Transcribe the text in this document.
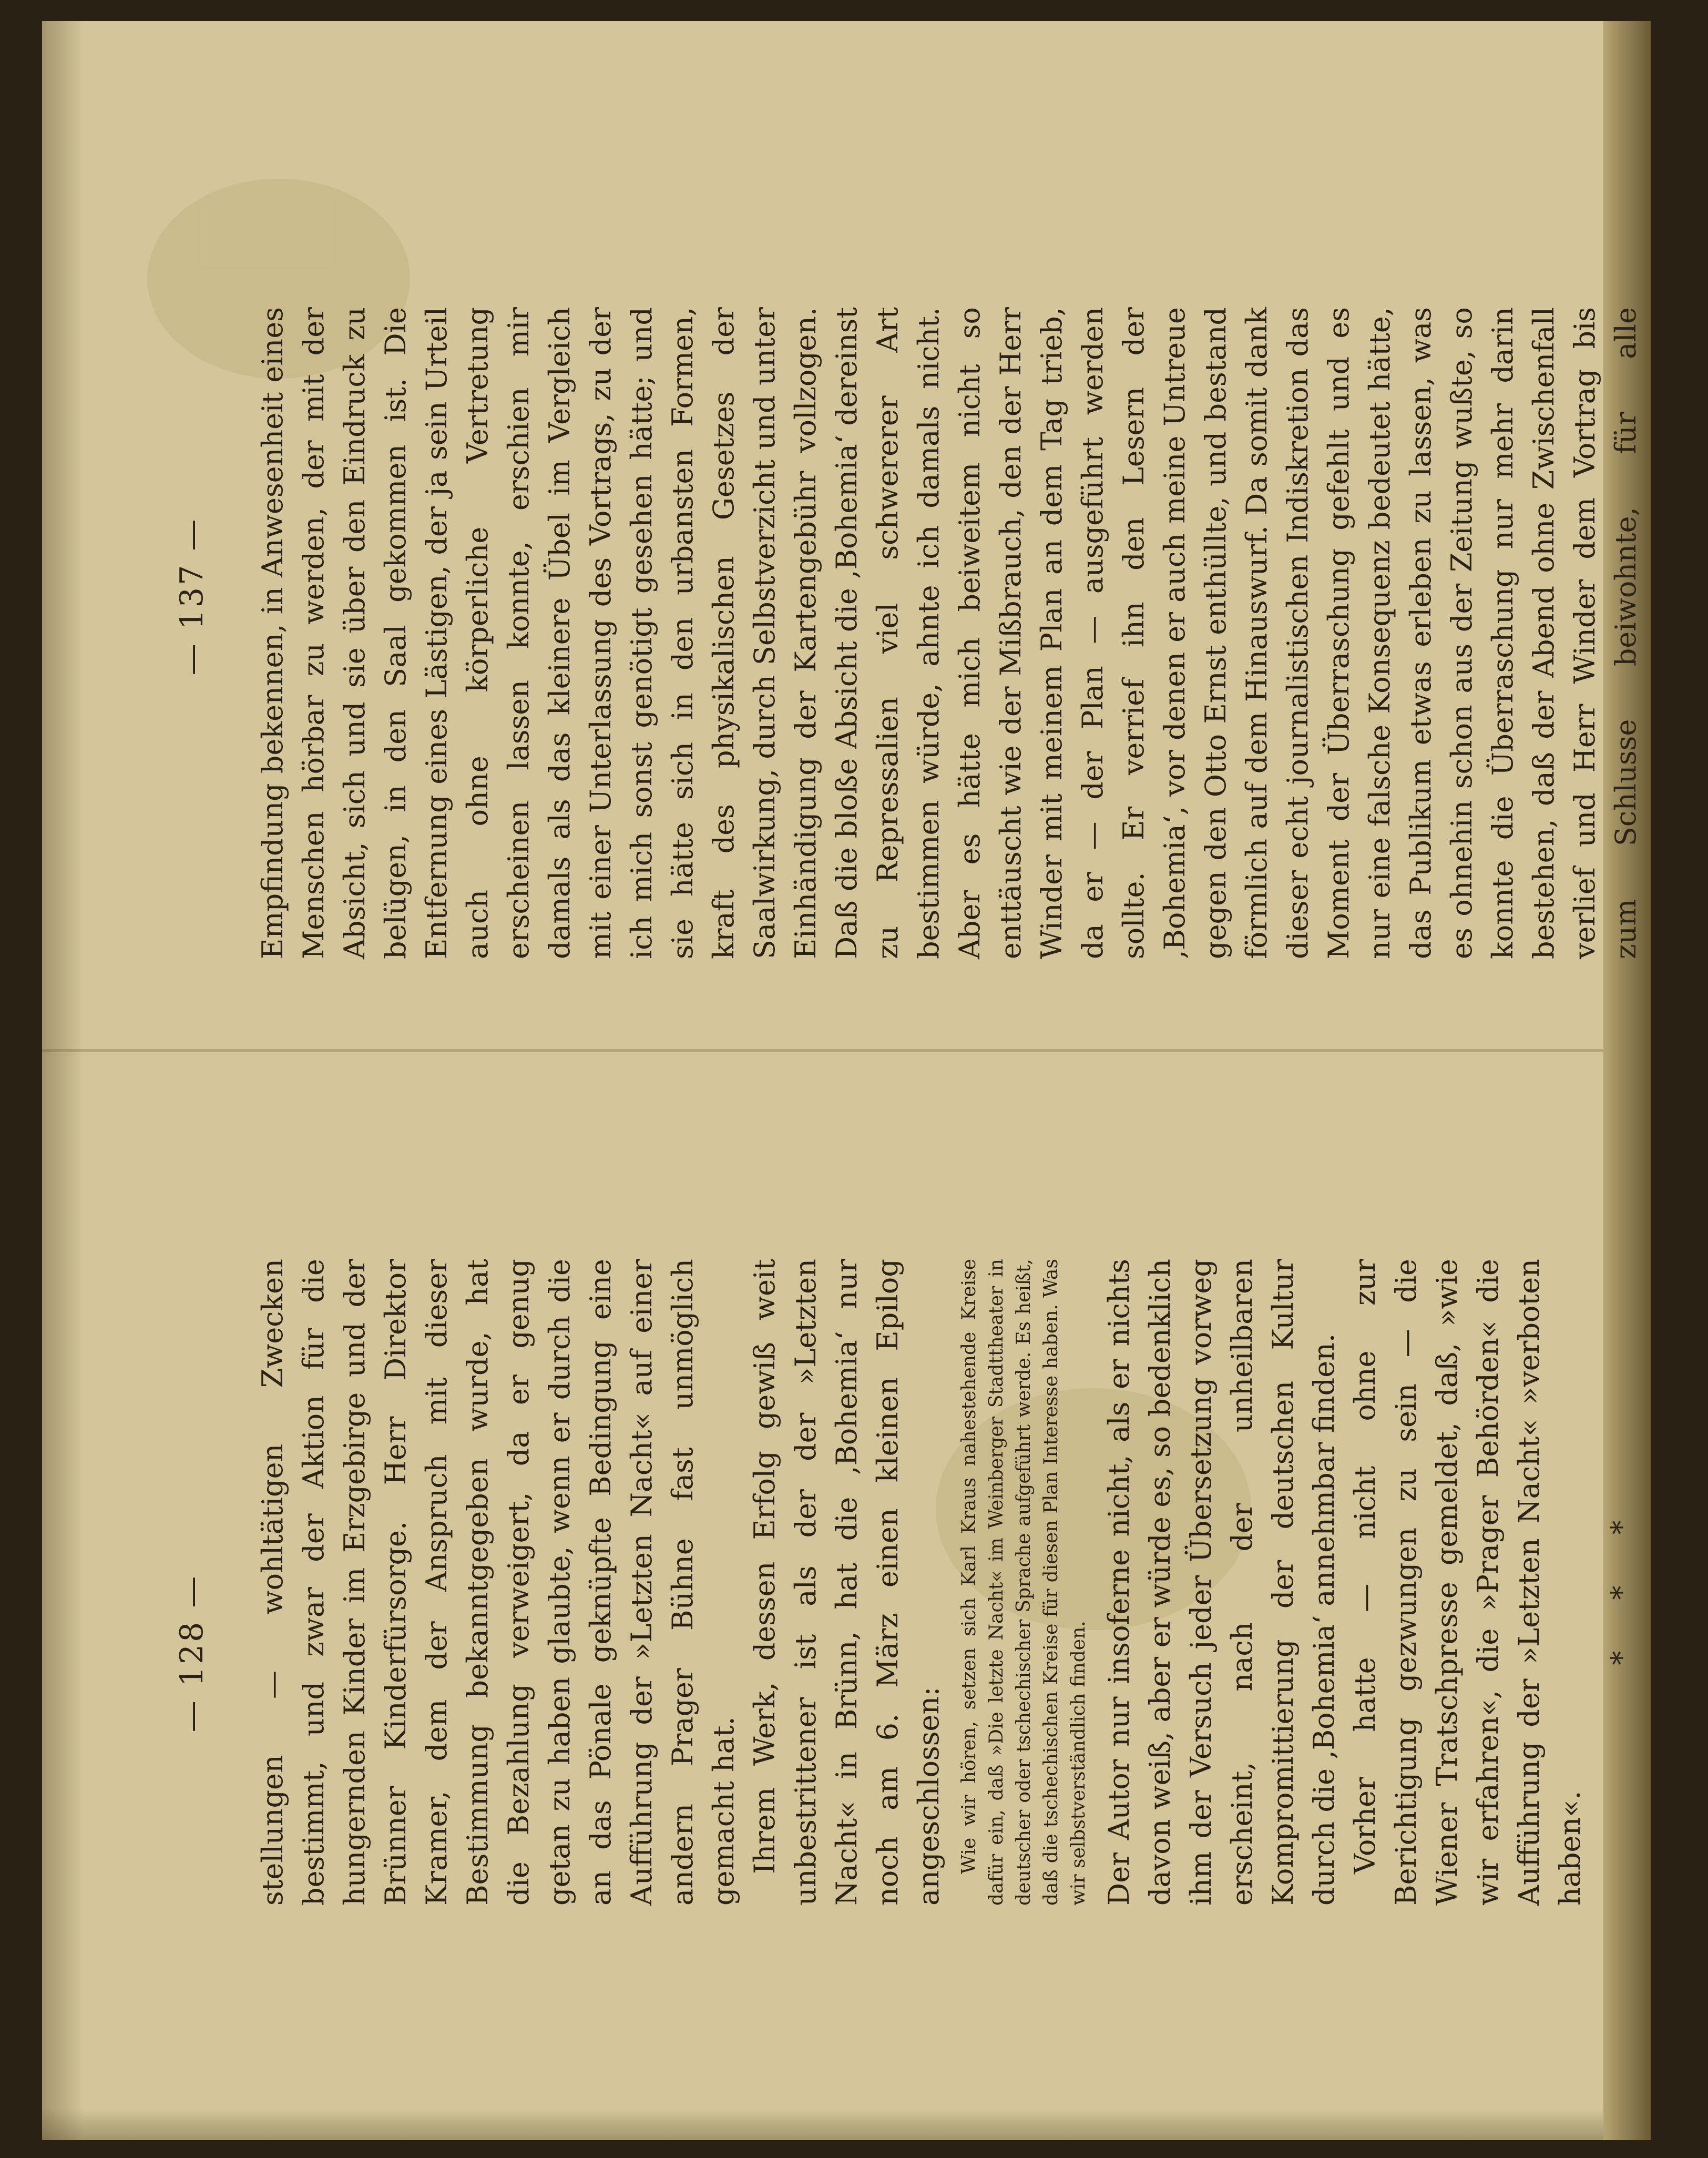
— 128 — stellungen — wohltätigen Zwecken bestimmt, und zwar der Aktion für die hungernden Kinder im Erzgebirge und der Brünner Kinderfürsorge. Herr Direktor Kramer, dem der Anspruch mit dieser Bestimmung bekanntgegeben wurde, hat die Bezahlung verweigert, da er genug getan zu haben glaubte, wenn er durch die an das Pönale geknüpfte Bedingung eine Aufführung der »Letzten Nacht« auf einer andern Prager Bühne fast unmöglich gemacht hat. Ihrem Werk, dessen Erfolg gewiß weit unbestrittener ist als der der »Letzten Nacht« in Brünn, hat die ‚Bohemia‘ nur noch am 6. März einen kleinen Epilog angeschlossen: Wie wir hören, setzen sich Karl Kraus nahestehende Kreise dafür ein, daß »Die letzte Nacht« im Weinberger Stadttheater in deutscher oder tschechischer Sprache aufgeführt werde. Es heißt, daß die tschechischen Kreise für diesen Plan Interesse haben. Was wir selbstverständlich finden. Der Autor nur insoferne nicht, als er nichts davon weiß, aber er würde es, so bedenklich ihm der Versuch jeder Übersetzung vorweg erscheint, nach der unheilbaren Kompromittierung der deutschen Kultur durch die ‚Bohemia‘ annehmbar finden. Vorher hatte — nicht ohne zur Berichtigung gezwungen zu sein — die Wiener Tratschpresse gemeldet, daß, »wie wir erfahren«, die »Prager Behörden« die Aufführung der »Letzten Nacht« »verboten haben«.

* * *

— 137 —

Empfindung bekennen, in Anwesenheit eines Menschen hörbar zu werden, der mit der Absicht, sich und sie über den Eindruck zu belügen, in den Saal gekommen ist. Die Entfernung eines Lästigen, der ja sein Urteil auch ohne körperliche Vertretung erscheinen lassen konnte, erschien mir damals als das kleinere Übel im Vergleich mit einer Unterlassung des Vortrags, zu der ich mich sonst genötigt gesehen hätte; und sie hätte sich in den urbansten Formen, kraft des physikalischen Gesetzes der Saalwirkung, durch Selbstverzicht und unter Einhändigung der Kartengebühr vollzogen. Daß die bloße Absicht die ‚Bohemia‘ dereinst zu Repressalien viel schwererer Art bestimmen würde, ahnte ich damals nicht. Aber es hätte mich beiweitem nicht so enttäuscht wie der Mißbrauch, den der Herr Winder mit meinem Plan an dem Tag trieb, da er — der Plan — ausgeführt werden sollte. Er verrief ihn den Lesern der ‚Bohemia‘, vor denen er auch meine Untreue gegen den Otto Ernst enthüllte, und bestand förmlich auf dem Hinauswurf. Da somit dank dieser echt journalistischen Indiskretion das Moment der Überraschung gefehlt und es nur eine falsche Konsequenz bedeutet hätte, das Publikum etwas erleben zu lassen, was es ohnehin schon aus der Zeitung wußte, so konnte die Überraschung nur mehr darin bestehen, daß der Abend ohne Zwischenfall verlief und Herr Winder dem Vortrag bis zum Schlusse beiwohnte, für alle
